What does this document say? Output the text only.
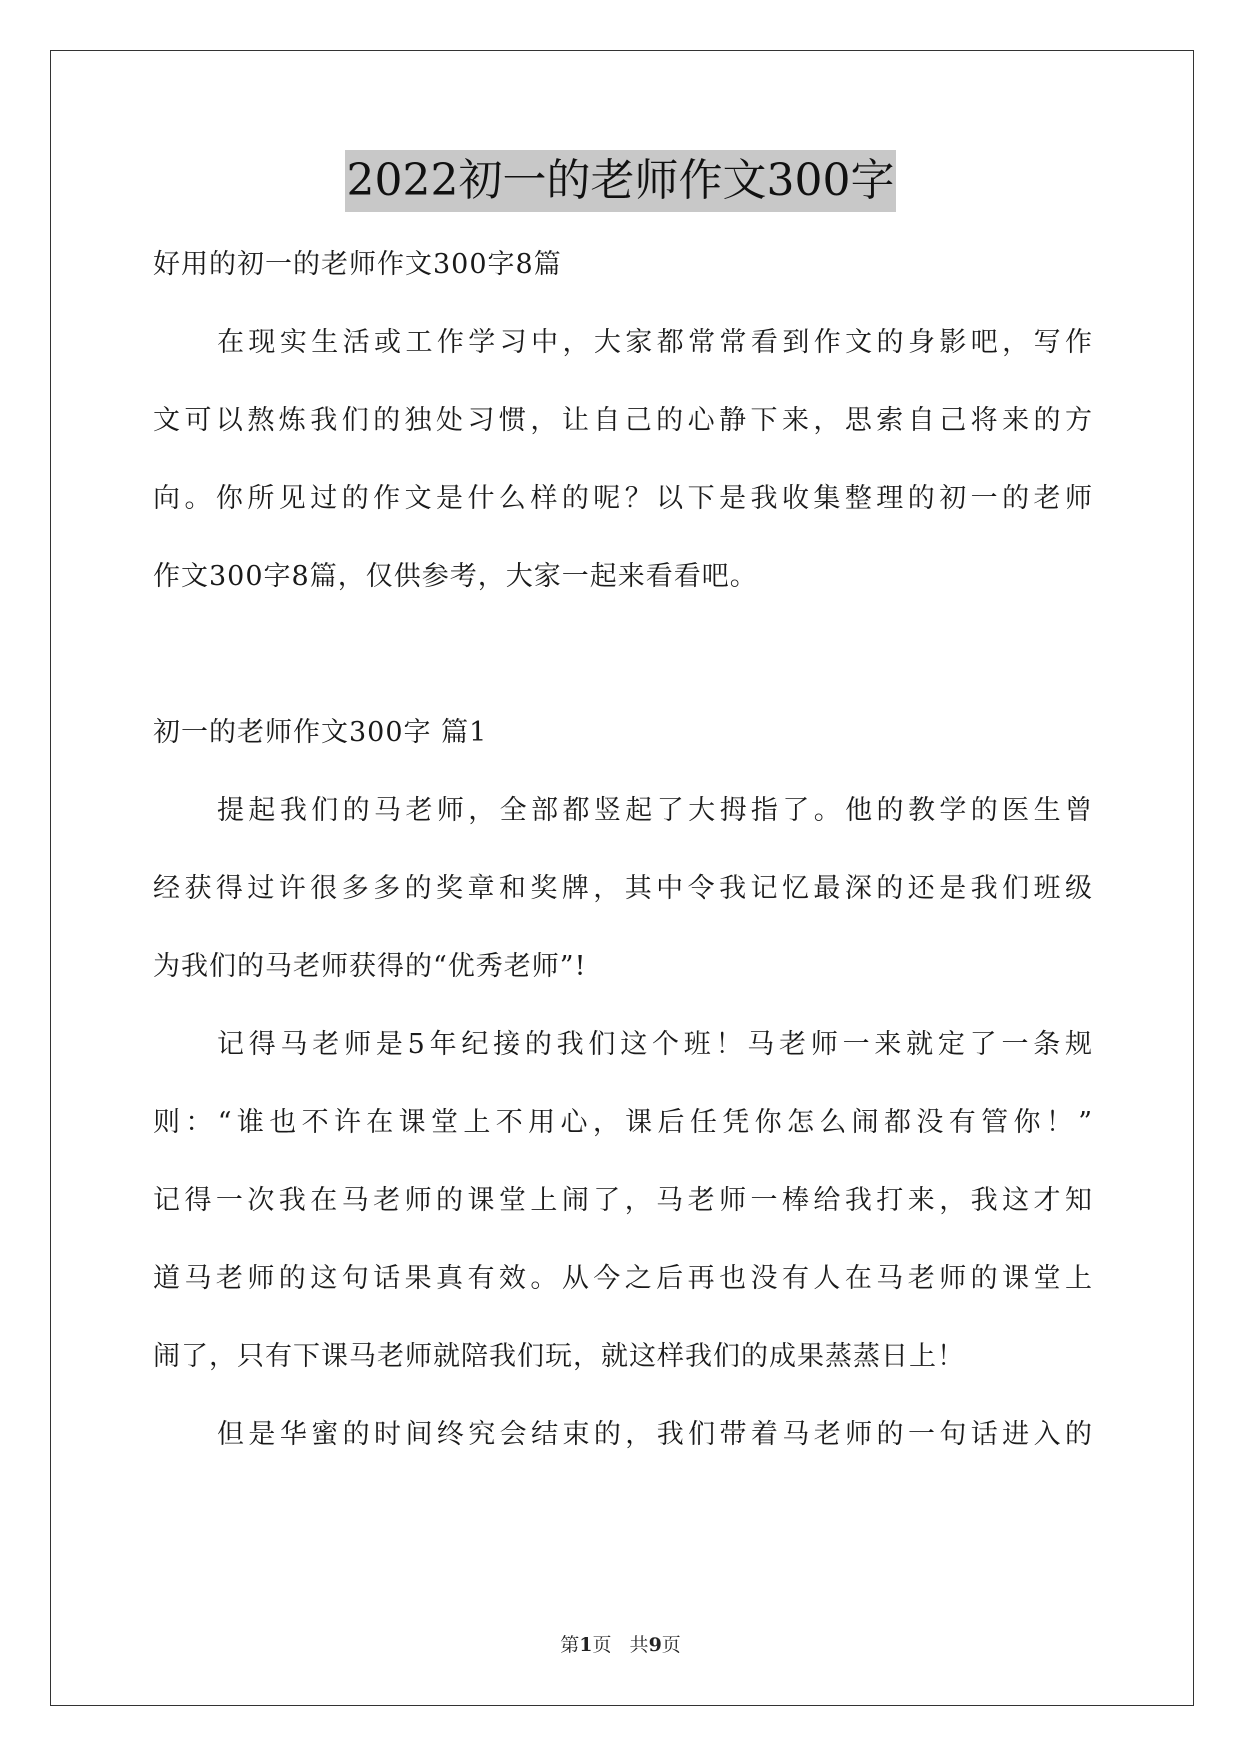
2022初一的老师作文300字
好用的初一的老师作文300字8篇
在现实生活或工作学习中，大家都常常看到作文的身影吧，写作
文可以熬炼我们的独处习惯，让自己的心静下来，思索自己将来的方
向。你所见过的作文是什么样的呢？以下是我收集整理的初一的老师
作文300字8篇，仅供参考，大家一起来看看吧。
初一的老师作文300字 篇1
提起我们的马老师，全部都竖起了大拇指了。他的教学的医生曾
经获得过许很多多的奖章和奖牌，其中令我记忆最深的还是我们班级
为我们的马老师获得的“优秀老师”!
记得马老师是5年纪接的我们这个班！马老师一来就定了一条规
则：“谁也不许在课堂上不用心，课后任凭你怎么闹都没有管你！”
记得一次我在马老师的课堂上闹了，马老师一棒给我打来，我这才知
道马老师的这句话果真有效。从今之后再也没有人在马老师的课堂上
闹了，只有下课马老师就陪我们玩，就这样我们的成果蒸蒸日上！
但是华蜜的时间终究会结束的，我们带着马老师的一句话进入的
第1页   共9页
